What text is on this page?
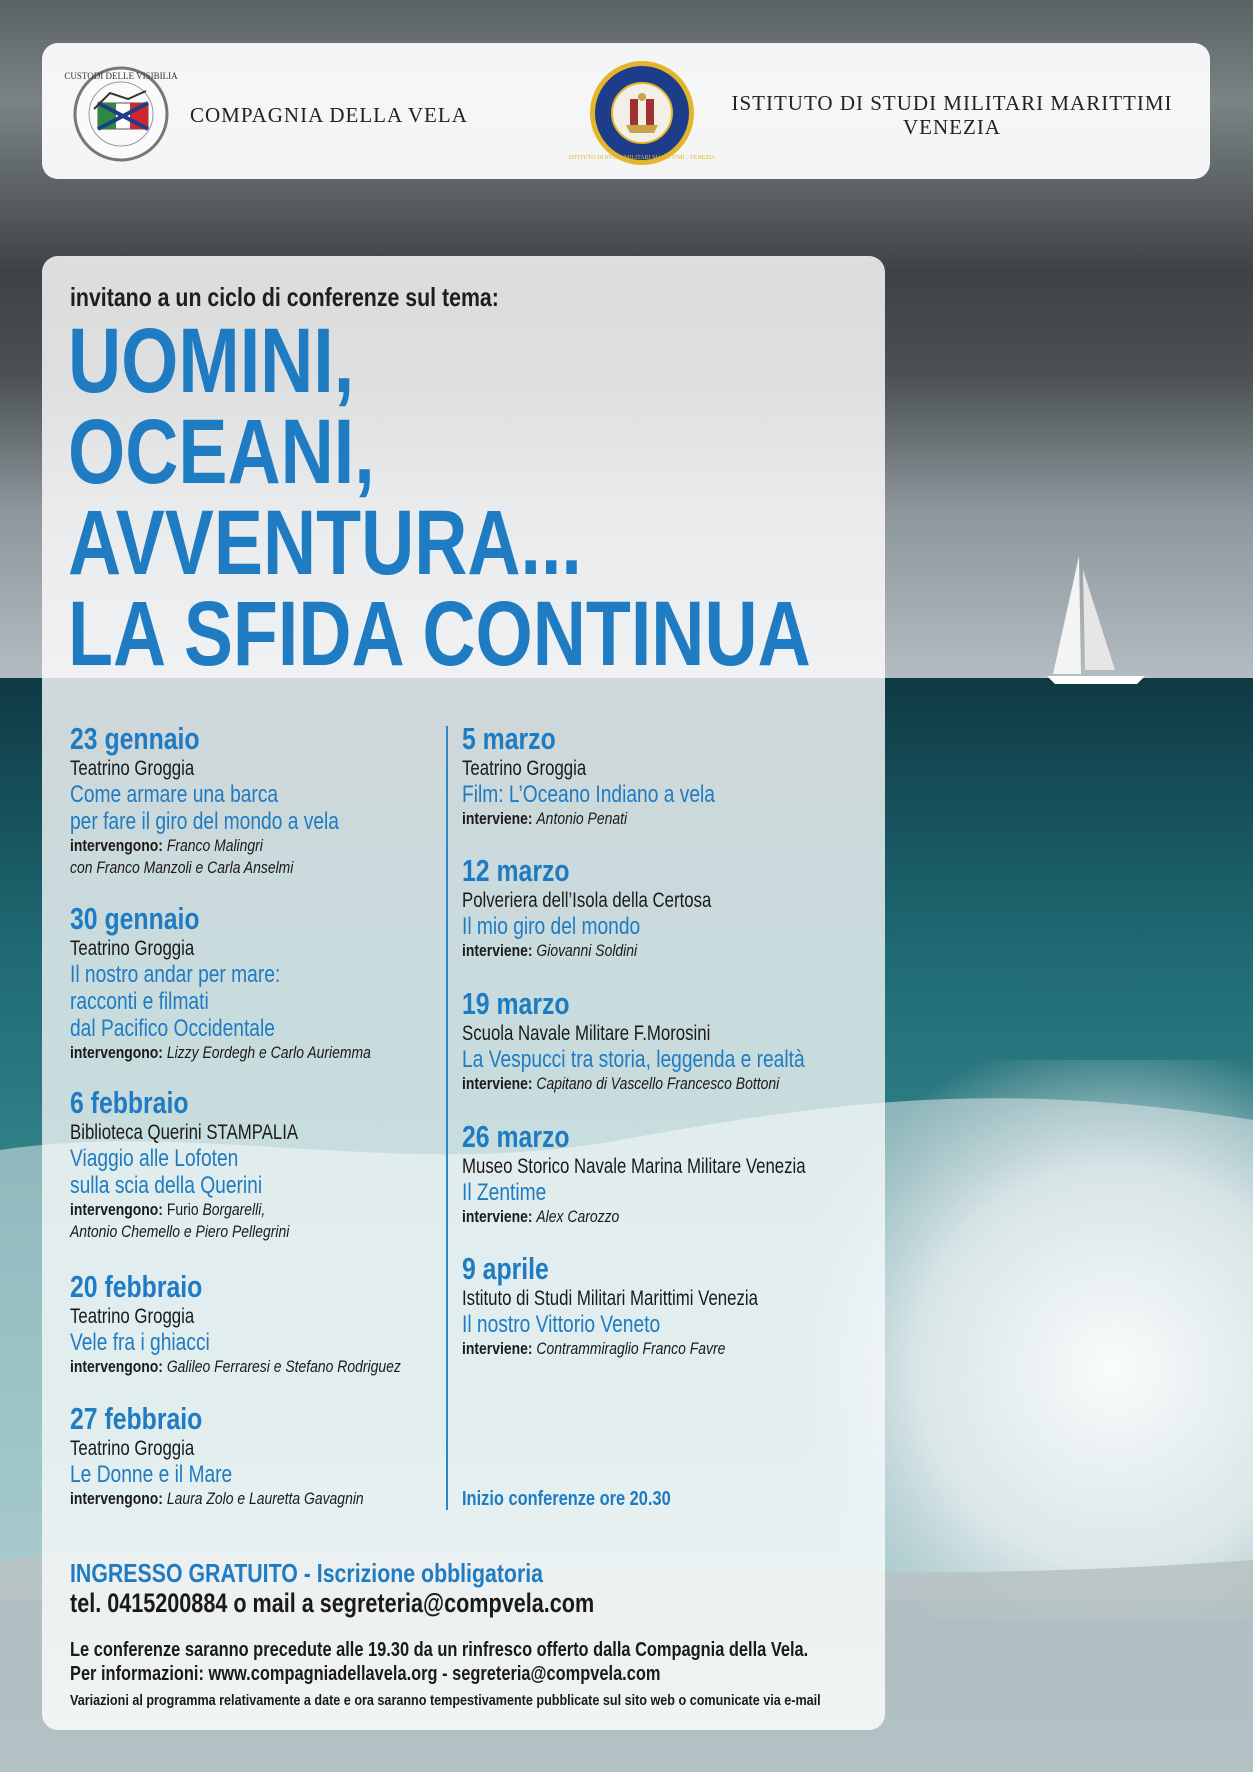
CUSTODI DELLE VISIBILIA
COMPAGNIA DELLA VELA
ISTITUTO DI STUDI MILITARI MARITTIMI · VENEZIA
ISTITUTO DI STUDI MILITARI MARITTIMI
VENEZIA
invitano a un ciclo di conferenze sul tema:
UOMINI,
OCEANI,
AVVENTURA...
LA SFIDA CONTINUA
23 gennaio
Teatrino Groggia
Come armare una barca
per fare il giro del mondo a vela
intervengono: Franco Malingri
con Franco Manzoli e Carla Anselmi
30 gennaio
Teatrino Groggia
Il nostro andar per mare:
racconti e filmati
dal Pacifico Occidentale
intervengono: Lizzy Eordegh e Carlo Auriemma
6 febbraio
Biblioteca Querini STAMPALIA
Viaggio alle Lofoten
sulla scia della Querini
intervengono: Furio Borgarelli,
Antonio Chemello e Piero Pellegrini
20 febbraio
Teatrino Groggia
Vele fra i ghiacci
intervengono: Galileo Ferraresi e Stefano Rodriguez
27 febbraio
Teatrino Groggia
Le Donne e il Mare
intervengono: Laura Zolo e Lauretta Gavagnin
5 marzo
Teatrino Groggia
Film: L’Oceano Indiano a vela
interviene: Antonio Penati
12 marzo
Polveriera dell’Isola della Certosa
Il mio giro del mondo
interviene: Giovanni Soldini
19 marzo
Scuola Navale Militare F.Morosini
La Vespucci tra storia, leggenda e realtà
interviene: Capitano di Vascello Francesco Bottoni
26 marzo
Museo Storico Navale Marina Militare Venezia
Il Zentime
interviene: Alex Carozzo
9 aprile
Istituto di Studi Militari Marittimi Venezia
Il nostro Vittorio Veneto
interviene: Contrammiraglio Franco Favre
Inizio conferenze ore 20.30
INGRESSO GRATUITO - Iscrizione obbligatoria
tel. 0415200884 o mail a segreteria@compvela.com
Le conferenze saranno precedute alle 19.30 da un rinfresco offerto dalla Compagnia della Vela.
Per informazioni: www.compagniadellavela.org - segreteria@compvela.com
Variazioni al programma relativamente a date e ora saranno tempestivamente pubblicate sul sito web o comunicate via e-mail
